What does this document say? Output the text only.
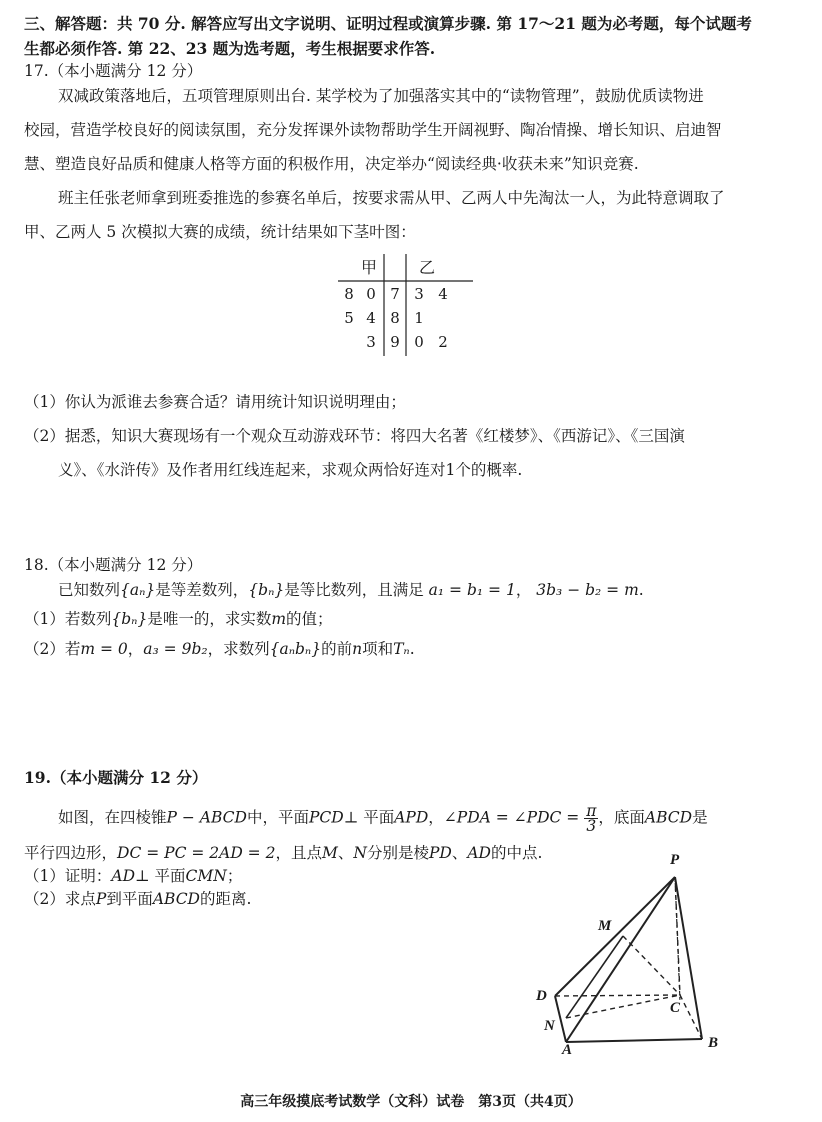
三、解答题：共 70 分. 解答应写出文字说明、证明过程或演算步骤. 第 17～21 题为必考题，每个试题考
生都必须作答. 第 22、23 题为选考题，考生根据要求作答.
17.（本小题满分 12 分）
双减政策落地后，五项管理原则出台. 某学校为了加强落实其中的“读物管理”，鼓励优质读物进
校园，营造学校良好的阅读氛围，充分发挥课外读物帮助学生开阔视野、陶冶情操、增长知识、启迪智
慧、塑造良好品质和健康人格等方面的积极作用，决定举办“阅读经典·收获未来”知识竞赛.
班主任张老师拿到班委推选的参赛名单后，按要求需从甲、乙两人中先淘汰一人，为此特意调取了
甲、乙两人 5 次模拟大赛的成绩，统计结果如下茎叶图：
甲	乙
8 0 7 3 4
5 4 8 1
3 9 0 2
（1）你认为派谁去参赛合适？请用统计知识说明理由；
（2）据悉，知识大赛现场有一个观众互动游戏环节：将四大名著《红楼梦》、《西游记》、《三国演
义》、《水浒传》及作者用红线连起来，求观众两恰好连对1个的概率.
18.（本小题满分 12 分）
已知数列{aₙ}是等差数列，{bₙ}是等比数列，且满足 a₁ = b₁ = 1， 3b₃ − b₂ = m.
（1）若数列{bₙ}是唯一的，求实数m的值；
（2）若m = 0，a₃ = 9b₂，求数列{aₙbₙ}的前n项和Tₙ.
19.（本小题满分 12 分）
如图，在四棱锥P − ABCD中，平面PCD⊥ 平面APD，∠PDA = ∠PDC = $\frac{\pi}{3}$ ，底面ABCD是
平行四边形，DC = PC = 2AD = 2，且点M、N分别是棱PD、AD的中点.
（1）证明：AD⊥ 平面CMN；
（2）求点P到平面ABCD的距离.
P
M
D
C
N
A	B
高三年级摸底考试数学（文科）试卷　第3页（共4页）
